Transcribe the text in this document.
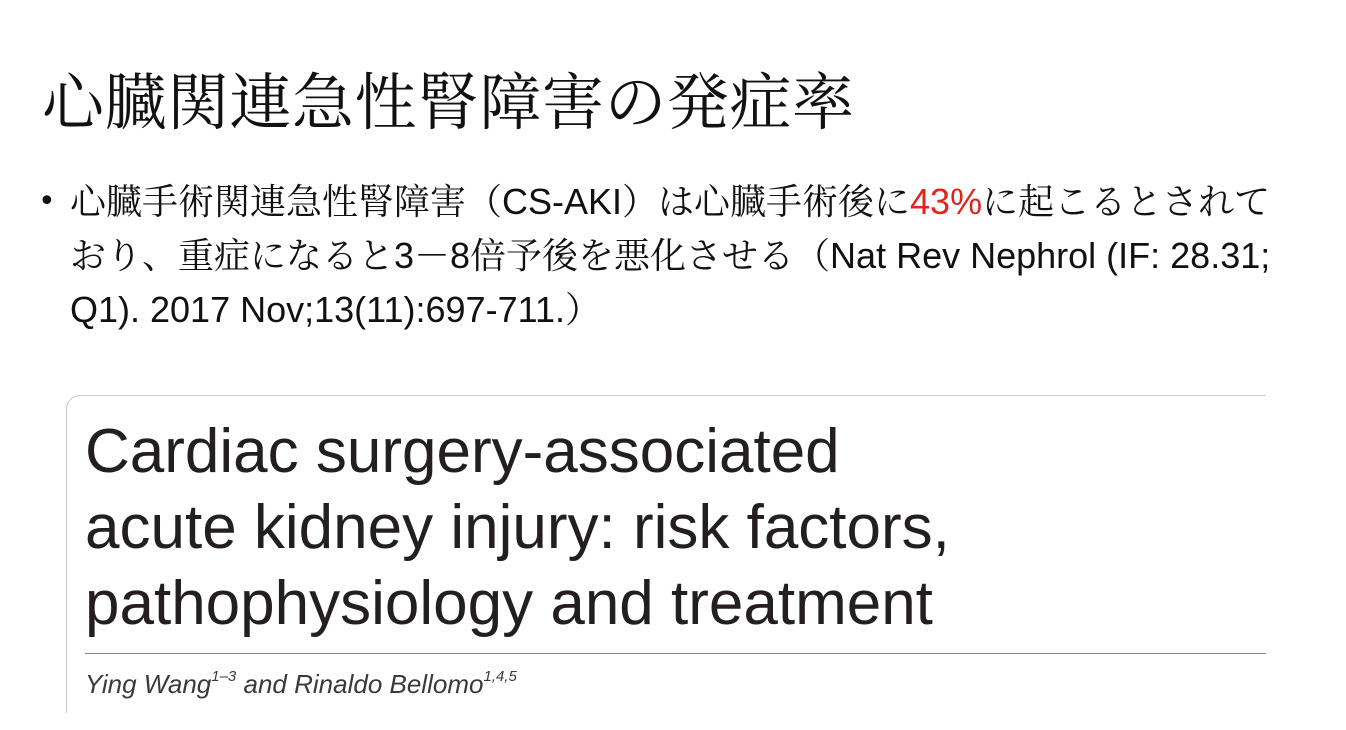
心臓関連急性腎障害の発症率
• 心臓手術関連急性腎障害（CS-AKI）は心臓手術後に43%に起こるとされており、重症になると3－8倍予後を悪化させる（Nat Rev Nephrol (IF: 28.31; Q1). 2017 Nov;13(11):697-711.）
Cardiac surgery-associated
acute kidney injury: risk factors,
pathophysiology and treatment
Ying Wang$^{1-3}$ and Rinaldo Bellomo$^{1,4,5}$
